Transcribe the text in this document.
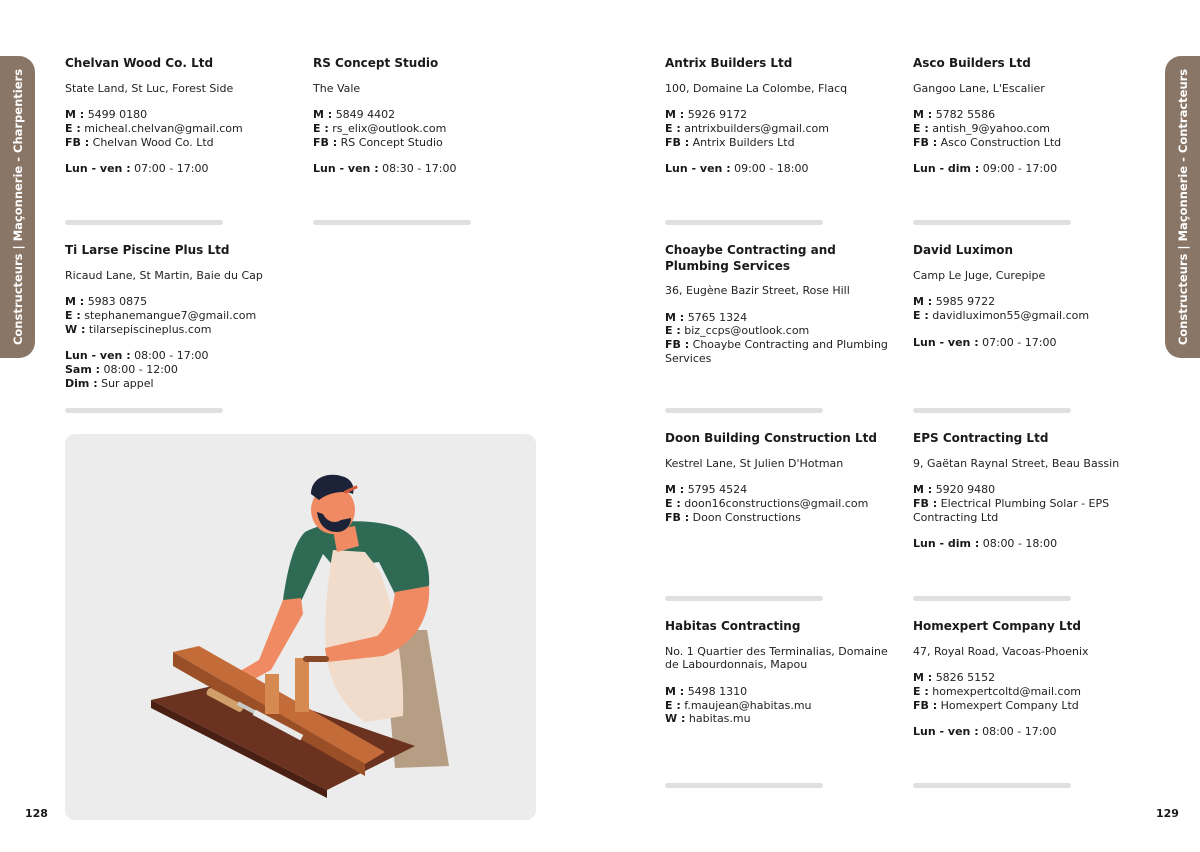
Constructeurs | Maçonnerie - Charpentiers	Constructeurs | Maçonnerie - Contracteurs
128	129
Chelvan Wood Co. Ltd
State Land, St Luc, Forest Side
M : 5499 0180
E : micheal.chelvan@gmail.com
FB : Chelvan Wood Co. Ltd
Lun - ven : 07:00 - 17:00
RS Concept Studio
The Vale
M : 5849 4402
E : rs_elix@outlook.com
FB : RS Concept Studio
Lun - ven : 08:30 - 17:00
Ti Larse Piscine Plus Ltd
Ricaud Lane, St Martin, Baie du Cap
M : 5983 0875
E : stephanemangue7@gmail.com
W : tilarsepiscineplus.com
Lun - ven : 08:00 - 17:00
Sam : 08:00 - 12:00
Dim : Sur appel
Antrix Builders Ltd
100, Domaine La Colombe, Flacq
M : 5926 9172
E : antrixbuilders@gmail.com
FB : Antrix Builders Ltd
Lun - ven : 09:00 - 18:00
Asco Builders Ltd
Gangoo Lane, L'Escalier
M : 5782 5586
E : antish_9@yahoo.com
FB : Asco Construction Ltd
Lun - dim : 09:00 - 17:00
Choaybe Contracting and Plumbing Services
36, Eugène Bazir Street, Rose Hill
M : 5765 1324
E : biz_ccps@outlook.com
FB : Choaybe Contracting and Plumbing Services
David Luximon
Camp Le Juge, Curepipe
M : 5985 9722
E : davidluximon55@gmail.com
Lun - ven : 07:00 - 17:00
Doon Building Construction Ltd
Kestrel Lane, St Julien D'Hotman
M : 5795 4524
E : doon16constructions@gmail.com
FB : Doon Constructions
EPS Contracting Ltd
9, Gaëtan Raynal Street, Beau Bassin
M : 5920 9480
FB : Electrical Plumbing Solar - EPS Contracting Ltd
Lun - dim : 08:00 - 18:00
Habitas Contracting
No. 1 Quartier des Terminalias, Domaine de Labourdonnais, Mapou
M : 5498 1310
E : f.maujean@habitas.mu
W : habitas.mu
Homexpert Company Ltd
47, Royal Road, Vacoas-Phoenix
M : 5826 5152
E : homexpertcoltd@mail.com
FB : Homexpert Company Ltd
Lun - ven : 08:00 - 17:00
